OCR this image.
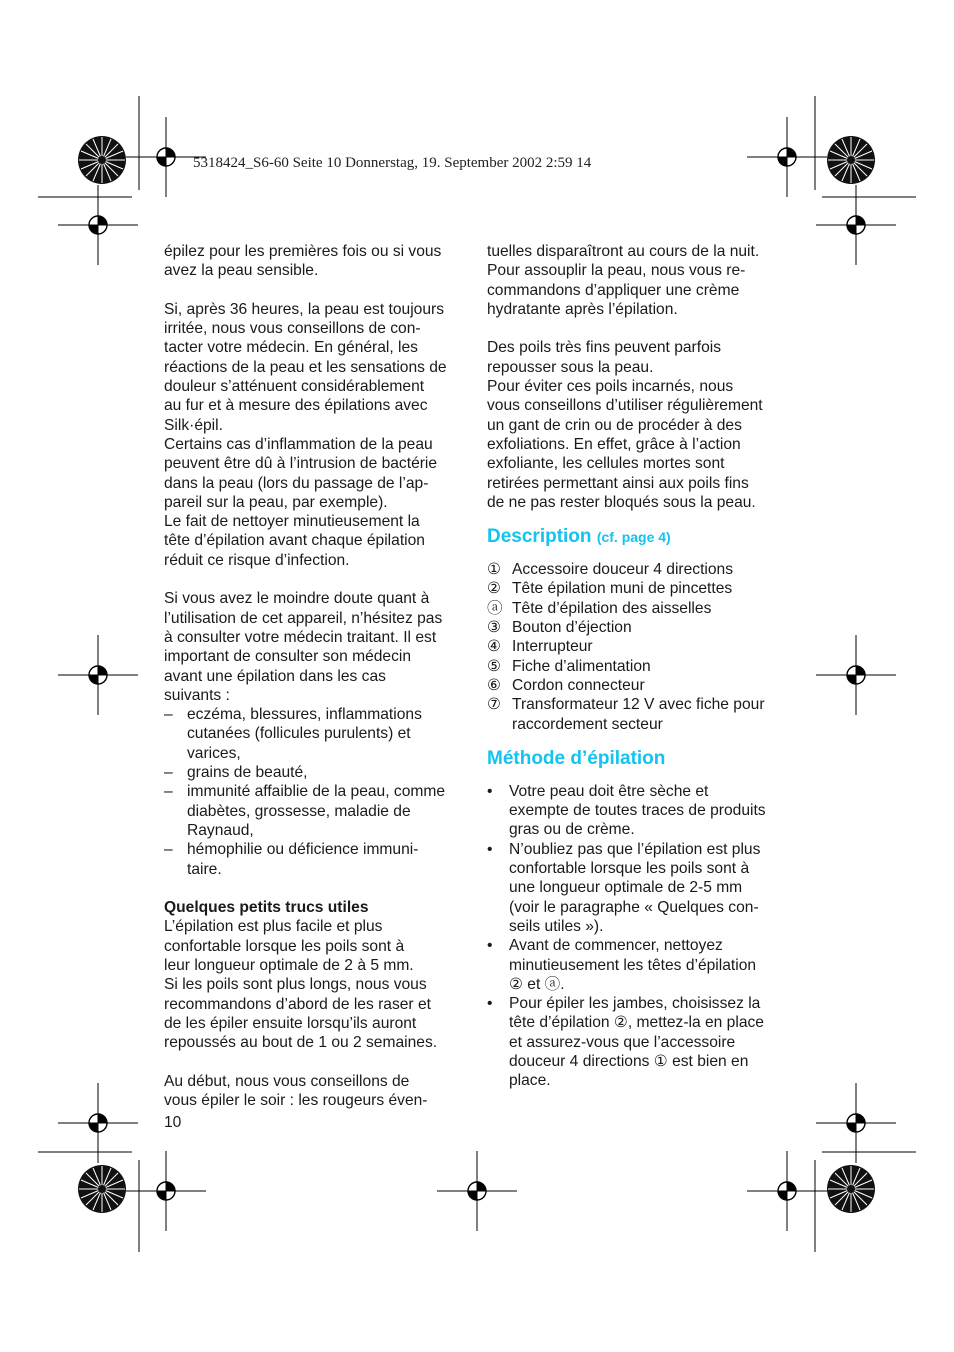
5318424_S6-60 Seite 10 Donnerstag, 19. September 2002 2:59 14

épilez pour les premières fois ou si vous
avez la peau sensible.

Si, après 36 heures, la peau est toujours
irritée, nous vous conseillons de con-
tacter votre médecin. En général, les
réactions de la peau et les sensations de
douleur s’atténuent considérablement
au fur et à mesure des épilations avec
Silk·épil.

Certains cas d’inflammation de la peau
peuvent être dû à l’intrusion de bactérie
dans la peau (lors du passage de l’ap-
pareil sur la peau, par exemple).

Le fait de nettoyer minutieusement la
tête d’épilation avant chaque épilation
réduit ce risque d’infection.

Si vous avez le moindre doute quant à
l’utilisation de cet appareil, n’hésitez pas
à consulter votre médecin traitant. Il est
important de consulter son médecin
avant une épilation dans les cas
suivants :

– eczéma, blessures, inflammations
cutanées (follicules purulents) et
varices,
– grains de beauté,
– immunité affaiblie de la peau, comme
diabètes, grossesse, maladie de
Raynaud,
– hémophilie ou déficience immuni-
taire.

Quelques petits trucs utiles

L’épilation est plus facile et plus
confortable lorsque les poils sont à
leur longueur optimale de 2 à 5 mm.

Si les poils sont plus longs, nous vous
recommandons d’abord de les raser et
de les épiler ensuite lorsqu’ils auront
repoussés au bout de 1 ou 2 semaines.

Au début, nous vous conseillons de
vous épiler le soir : les rougeurs éven-

tuelles disparaîtront au cours de la nuit.
Pour assouplir la peau, nous vous re-
commandons d’appliquer une crème
hydratante après l’épilation.

Des poils très fins peuvent parfois
repousser sous la peau.

Pour éviter ces poils incarnés, nous
vous conseillons d’utiliser régulièrement
un gant de crin ou de procéder à des
exfoliations. En effet, grâce à l’action
exfoliante, les cellules mortes sont
retirées permettant ainsi aux poils fins
de ne pas rester bloqués sous la peau.

Description (cf. page 4)
① Accessoire douceur 4 directions
② Tête épilation muni de pincettes
ⓐ Tête d’épilation des aisselles
③ Bouton d’éjection
④ Interrupteur
⑤ Fiche d’alimentation
⑥ Cordon connecteur
⑦ Transformateur 12 V avec fiche pour
raccordement secteur
Méthode d’épilation
•	Votre peau doit être sèche et
exempte de toutes traces de produits
gras ou de crème.
•	N’oubliez pas que l’épilation est plus
confortable lorsque les poils sont à
une longueur optimale de 2-5 mm
(voir le paragraphe « Quelques con-
seils utiles »).
•	Avant de commencer, nettoyez
minutieusement les têtes d’épilation
② et ⓐ.
•	Pour épiler les jambes, choisissez la
tête d’épilation ②, mettez-la en place
et assurez-vous que l’accessoire
douceur 4 directions ① est bien en
place.
10
